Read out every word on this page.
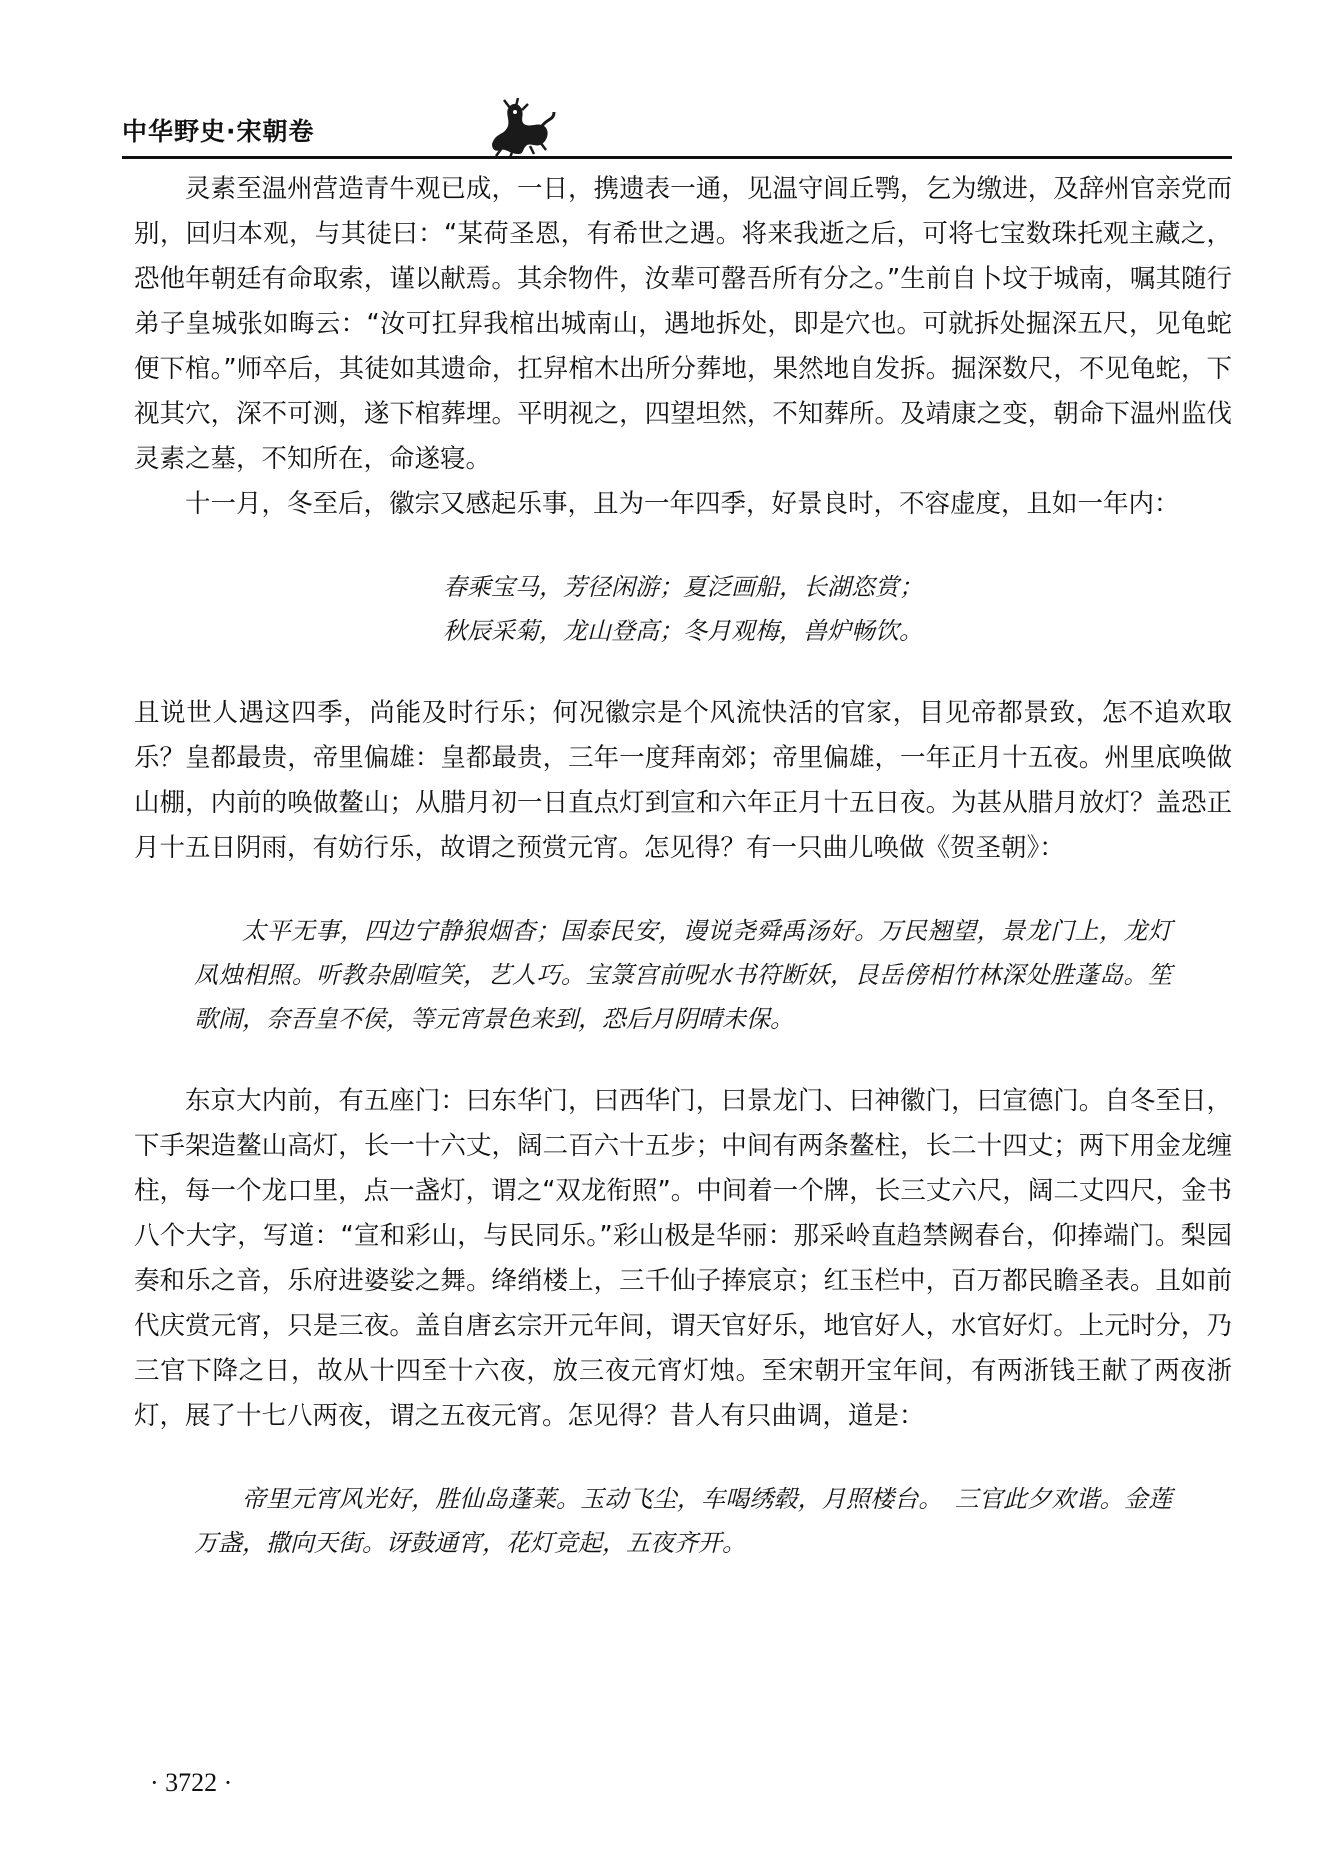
中华野史·宋朝卷

灵素至温州营造青牛观已成，一日，携遗表一通，见温守闾丘鹗，乞为缴进，及辞州官亲党而别，回归本观，与其徒曰：“某荷圣恩，有希世之遇。将来我逝之后，可将七宝数珠托观主藏之，恐他年朝廷有命取索，谨以献焉。其余物件，汝辈可罄吾所有分之。”生前自卜坟于城南，嘱其随行弟子皇城张如晦云：“汝可扛舁我棺出城南山，遇地拆处，即是穴也。可就拆处掘深五尺，见龟蛇便下棺。”师卒后，其徒如其遗命，扛舁棺木出所分葬地，果然地自发拆。掘深数尺，不见龟蛇，下视其穴，深不可测，遂下棺葬埋。平明视之，四望坦然，不知葬所。及靖康之变，朝命下温州监伐灵素之墓，不知所在，命遂寝。

十一月，冬至后，徽宗又感起乐事，且为一年四季，好景良时，不容虚度，且如一年内：

春乘宝马，芳径闲游；夏泛画船，长湖恣赏；
秋辰采菊，龙山登高；冬月观梅，兽炉畅饮。

且说世人遇这四季，尚能及时行乐；何况徽宗是个风流快活的官家，目见帝都景致，怎不追欢取乐？皇都最贵，帝里偏雄：皇都最贵，三年一度拜南郊；帝里偏雄，一年正月十五夜。州里底唤做山棚，内前的唤做鳌山；从腊月初一日直点灯到宣和六年正月十五日夜。为甚从腊月放灯？盖恐正月十五日阴雨，有妨行乐，故谓之预赏元宵。怎见得？有一只曲儿唤做《贺圣朝》：

太平无事，四边宁静狼烟杳；国泰民安，谩说尧舜禹汤好。万民翘望，景龙门上，龙灯凤烛相照。听教杂剧喧笑，艺人巧。宝箓宫前呪水书符断妖，艮岳傍相竹林深处胜蓬岛。笙歌闹，奈吾皇不侯，等元宵景色来到，恐后月阴晴未保。

东京大内前，有五座门：曰东华门，曰西华门，曰景龙门、曰神徽门，曰宣德门。自冬至日，下手架造鳌山高灯，长一十六丈，阔二百六十五步；中间有两条鳌柱，长二十四丈；两下用金龙缠柱，每一个龙口里，点一盏灯，谓之“双龙衔照”。中间着一个牌，长三丈六尺，阔二丈四尺，金书八个大字，写道：“宣和彩山，与民同乐。”彩山极是华丽：那采岭直趋禁阙春台，仰捧端门。梨园奏和乐之音，乐府进婆娑之舞。绛绡楼上，三千仙子捧宸京；红玉栏中，百万都民瞻圣表。且如前代庆赏元宵，只是三夜。盖自唐玄宗开元年间，谓天官好乐，地官好人，水官好灯。上元时分，乃三官下降之日，故从十四至十六夜，放三夜元宵灯烛。至宋朝开宝年间，有两浙钱王献了两夜浙灯，展了十七八两夜，谓之五夜元宵。怎见得？昔人有只曲调，道是：

帝里元宵风光好，胜仙岛蓬莱。玉动飞尘，车喝绣毂，月照楼台。　三官此夕欢谐。金莲万盏，撒向天街。讶鼓通宵，花灯竞起，五夜齐开。

· 3722 ·
